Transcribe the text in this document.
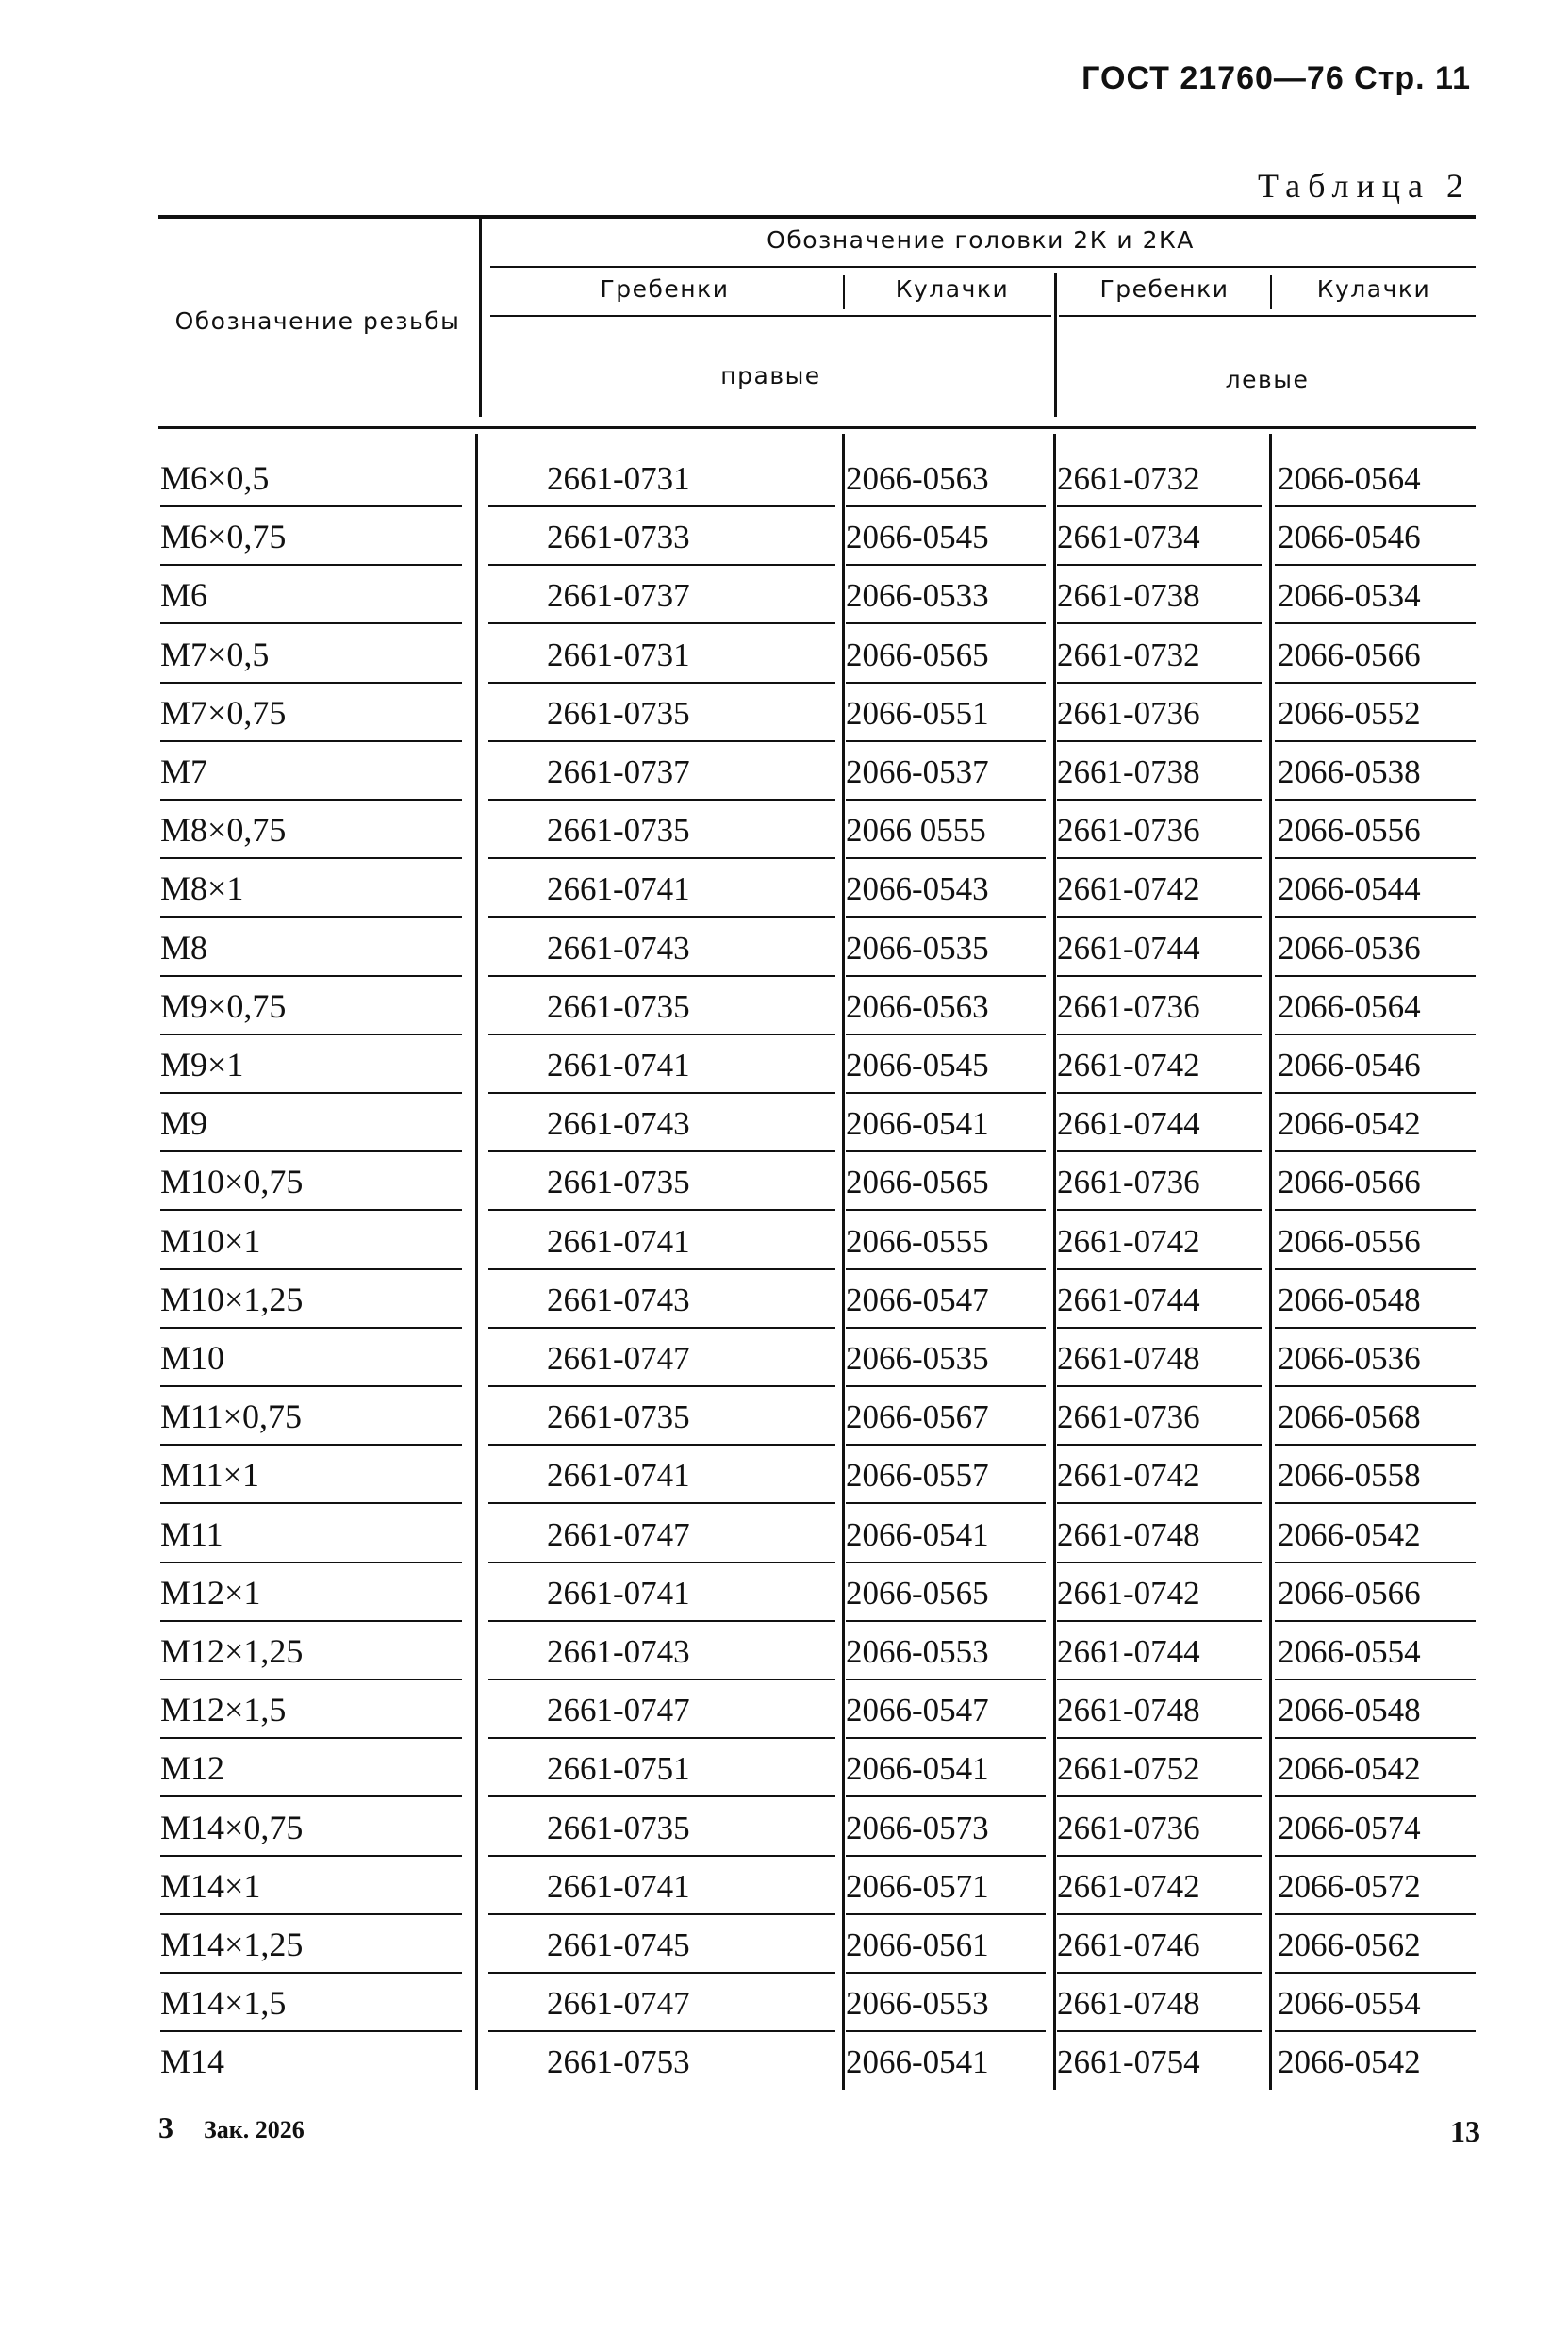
ГОСТ 21760—76 Стр. 11
Таблица 2
Обозначение резьбы
Обозначение головки 2К и 2КА
Гребенки	Кулачки	Гребенки	Кулачки
правые	левые
M6×0,5	2661-0731	2066-0563 2661-0732 2066-0564
M6×0,75	2661-0733	2066-0545 2661-0734 2066-0546
M6	2661-0737	2066-0533 2661-0738 2066-0534
M7×0,5	2661-0731	2066-0565 2661-0732 2066-0566
M7×0,75	2661-0735	2066-0551 2661-0736 2066-0552
M7	2661-0737	2066-0537 2661-0738 2066-0538
M8×0,75	2661-0735	2066 0555 2661-0736 2066-0556
M8×1	2661-0741	2066-0543 2661-0742 2066-0544
M8	2661-0743	2066-0535 2661-0744 2066-0536
M9×0,75	2661-0735	2066-0563 2661-0736 2066-0564
M9×1	2661-0741	2066-0545 2661-0742 2066-0546
M9	2661-0743	2066-0541 2661-0744 2066-0542
M10×0,75	2661-0735	2066-0565 2661-0736 2066-0566
M10×1	2661-0741	2066-0555 2661-0742 2066-0556
M10×1,25	2661-0743	2066-0547 2661-0744 2066-0548
M10	2661-0747	2066-0535 2661-0748 2066-0536
M11×0,75	2661-0735	2066-0567 2661-0736 2066-0568
M11×1	2661-0741	2066-0557 2661-0742 2066-0558
M11	2661-0747	2066-0541 2661-0748 2066-0542
M12×1	2661-0741	2066-0565 2661-0742 2066-0566
M12×1,25	2661-0743	2066-0553 2661-0744 2066-0554
M12×1,5	2661-0747	2066-0547 2661-0748 2066-0548
M12	2661-0751	2066-0541 2661-0752 2066-0542
M14×0,75	2661-0735	2066-0573 2661-0736 2066-0574
M14×1	2661-0741	2066-0571 2661-0742 2066-0572
M14×1,25	2661-0745	2066-0561 2661-0746 2066-0562
M14×1,5	2661-0747	2066-0553 2661-0748 2066-0554
M14	2661-0753	2066-0541 2661-0754 2066-0542
3 Зак. 2026	13
